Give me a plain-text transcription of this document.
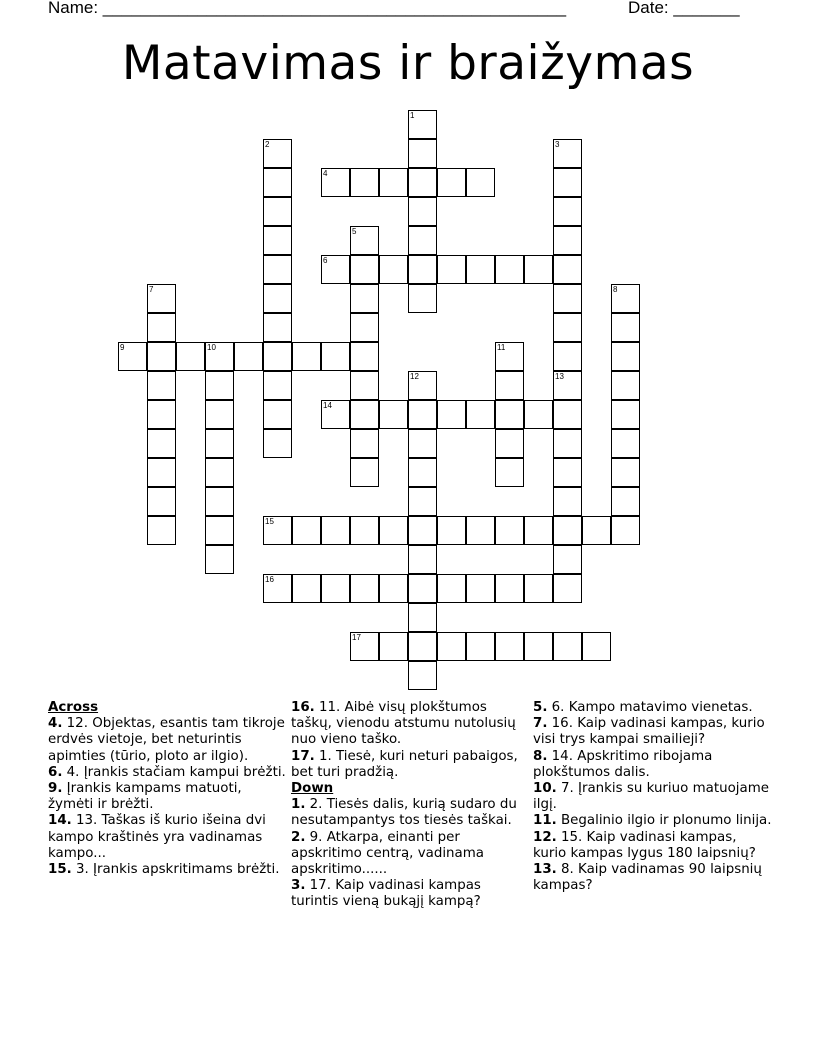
Name: _________________________________________________	Date: _______
Matavimas ir braižymas
1
4
2	3
5
6
7	8
9	10	11
12	13
14
15
16
17
Across
4. 12. Objektas, esantis tam tikroje erdvės vietoje, bet neturintis apimties (tūrio, ploto ar ilgio).
6. 4. Įrankis stačiam kampui brėžti.
9. Įrankis kampams matuoti, žymėti ir brėžti.
14. 13. Taškas iš kurio išeina dvi kampo kraštinės yra vadinamas kampo...
15. 3. Įrankis apskritimams brėžti.
16. 11. Aibė visų plokštumos taškų, vienodu atstumu nutolusių nuo vieno taško.
17. 1. Tiesė, kuri neturi pabaigos, bet turi pradžią.
Down
1. 2. Tiesės dalis, kurią sudaro du nesutampantys tos tiesės taškai.
2. 9. Atkarpa, einanti per apskritimo centrą, vadinama apskritimo......
3. 17. Kaip vadinasi kampas turintis vieną bukąjį kampą?
5. 6. Kampo matavimo vienetas.
7. 16. Kaip vadinasi kampas, kurio visi trys kampai smailieji?
8. 14. Apskritimo ribojama plokštumos dalis.
10. 7. Įrankis su kuriuo matuojame ilgį.
11. Begalinio ilgio ir plonumo linija.
12. 15. Kaip vadinasi kampas, kurio kampas lygus 180 laipsnių?
13. 8. Kaip vadinamas 90 laipsnių kampas?
